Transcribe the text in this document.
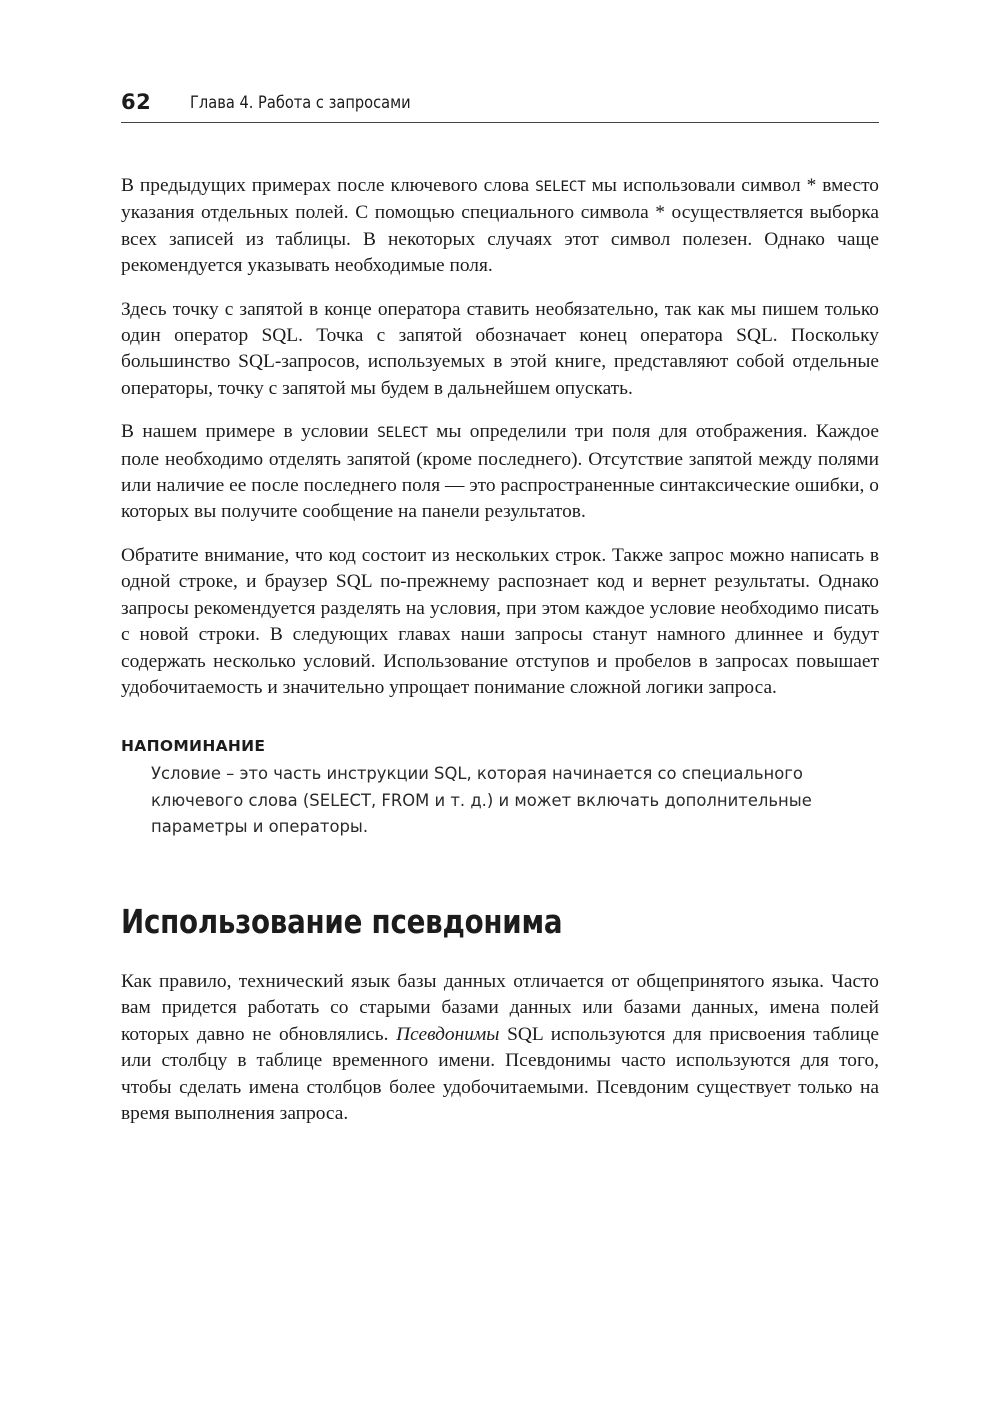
62 Глава 4. Работа с запросами

В предыдущих примерах после ключевого слова SELECT мы использовали символ * вместо указания отдельных полей. С помощью специального символа * осуществляется выборка всех записей из таблицы. В некоторых случаях этот символ полезен. Однако чаще рекомендуется указывать необходимые поля.

Здесь точку с запятой в конце оператора ставить необязательно, так как мы пишем только один оператор SQL. Точка с запятой обозначает конец оператора SQL. Поскольку большинство SQL-запросов, используемых в этой книге, представляют собой отдельные операторы, точку с запятой мы будем в дальнейшем опускать.

В нашем примере в условии SELECT мы определили три поля для отображения. Каждое поле необходимо отделять запятой (кроме последнего). Отсутствие запятой между полями или наличие ее после последнего поля — это распространенные синтаксические ошибки, о которых вы получите сообщение на панели результатов.

Обратите внимание, что код состоит из нескольких строк. Также запрос можно написать в одной строке, и браузер SQL по-прежнему распознает код и вернет результаты. Однако запросы рекомендуется разделять на условия, при этом каждое условие необходимо писать с новой строки. В следующих главах наши запросы станут намного длиннее и будут содержать несколько условий. Использование отступов и пробелов в запросах повышает удобочитаемость и значительно упрощает понимание сложной логики запроса.

НАПОМИНАНИЕ
Условие – это часть инструкции SQL, которая начинается со специального ключевого слова (SELECT, FROM и т. д.) и может включать дополнительные параметры и операторы.
Использование псевдонима

Как правило, технический язык базы данных отличается от общепринятого языка. Часто вам придется работать со старыми базами данных или базами данных, имена полей которых давно не обновлялись. Псевдонимы SQL используются для присвоения таблице или столбцу в таблице временного имени. Псевдонимы часто используются для того, чтобы сделать имена столбцов более удобочитаемыми. Псевдоним существует только на время выполнения запроса.
